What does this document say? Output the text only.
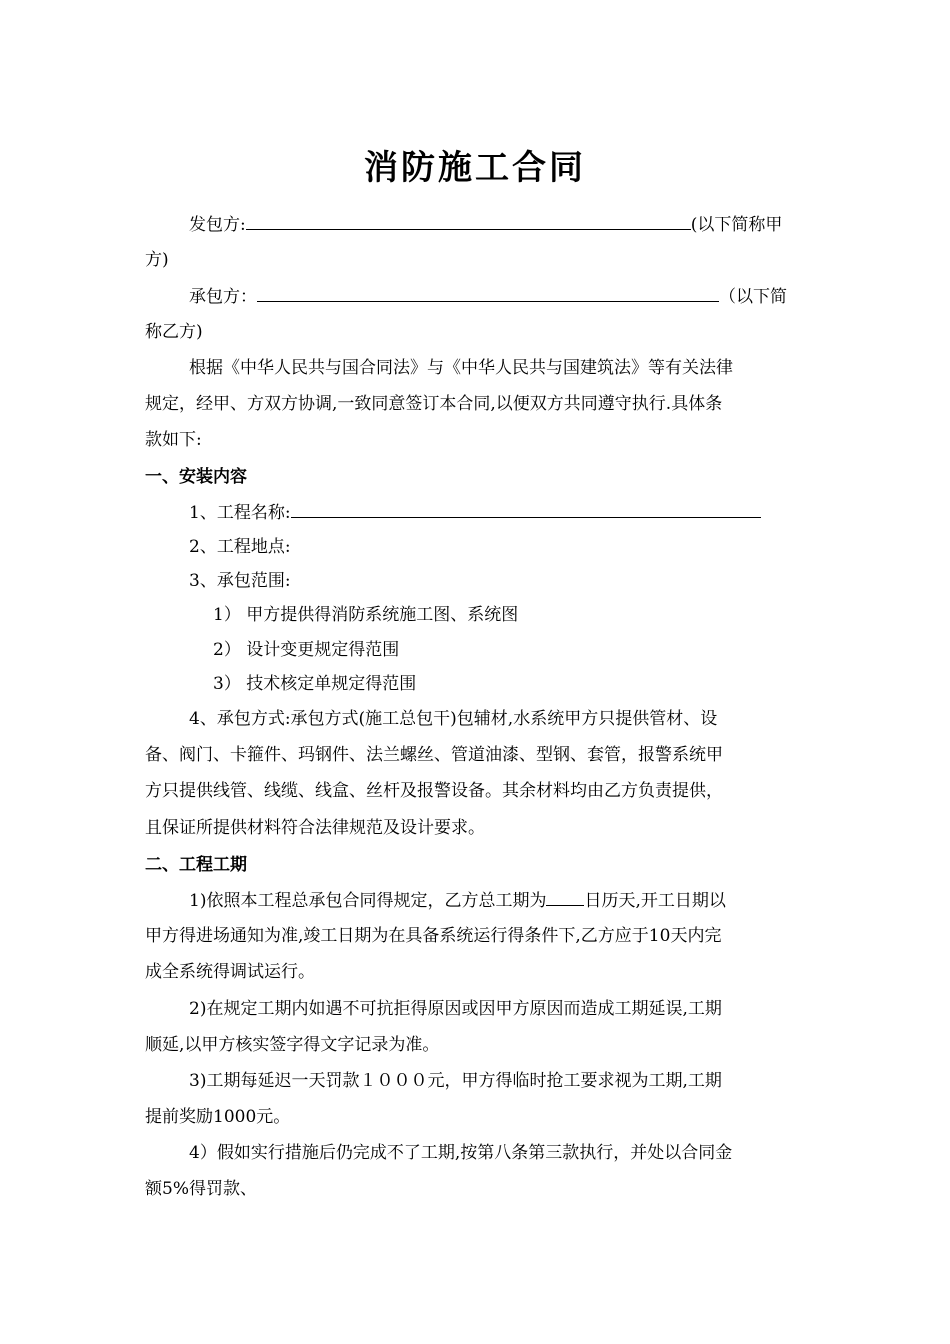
消防施工合同
发包方:	(以下简称甲
方)
承包方：	（以下简
称乙方)
根据《中华人民共与国合同法》与《中华人民共与国建筑法》等有关法律
规定，经甲、方双方协调,一致同意签订本合同,以便双方共同遵守执行.具体条
款如下:
一、安装内容
1、工程名称:
2、工程地点:
3、承包范围:
1） 甲方提供得消防系统施工图、系统图
2） 设计变更规定得范围
3） 技术核定单规定得范围
4、承包方式:承包方式(施工总包干)包辅材,水系统甲方只提供管材、设
备、阀门、卡箍件、玛钢件、法兰螺丝、管道油漆、型钢、套管，报警系统甲
方只提供线管、线缆、线盒、丝杆及报警设备。其余材料均由乙方负责提供，
且保证所提供材料符合法律规范及设计要求。
二、工程工期
1)依照本工程总承包合同得规定，乙方总工期为 日历天,开工日期以
甲方得进场通知为准,竣工日期为在具备系统运行得条件下,乙方应于10天内完
成全系统得调试运行。
2)在规定工期内如遇不可抗拒得原因或因甲方原因而造成工期延误,工期
顺延,以甲方核实签字得文字记录为准。
3)工期每延迟一天罚款１０００元，甲方得临时抢工要求视为工期,工期
提前奖励1000元。
4）假如实行措施后仍完成不了工期,按第八条第三款执行，并处以合同金
额5%得罚款、
